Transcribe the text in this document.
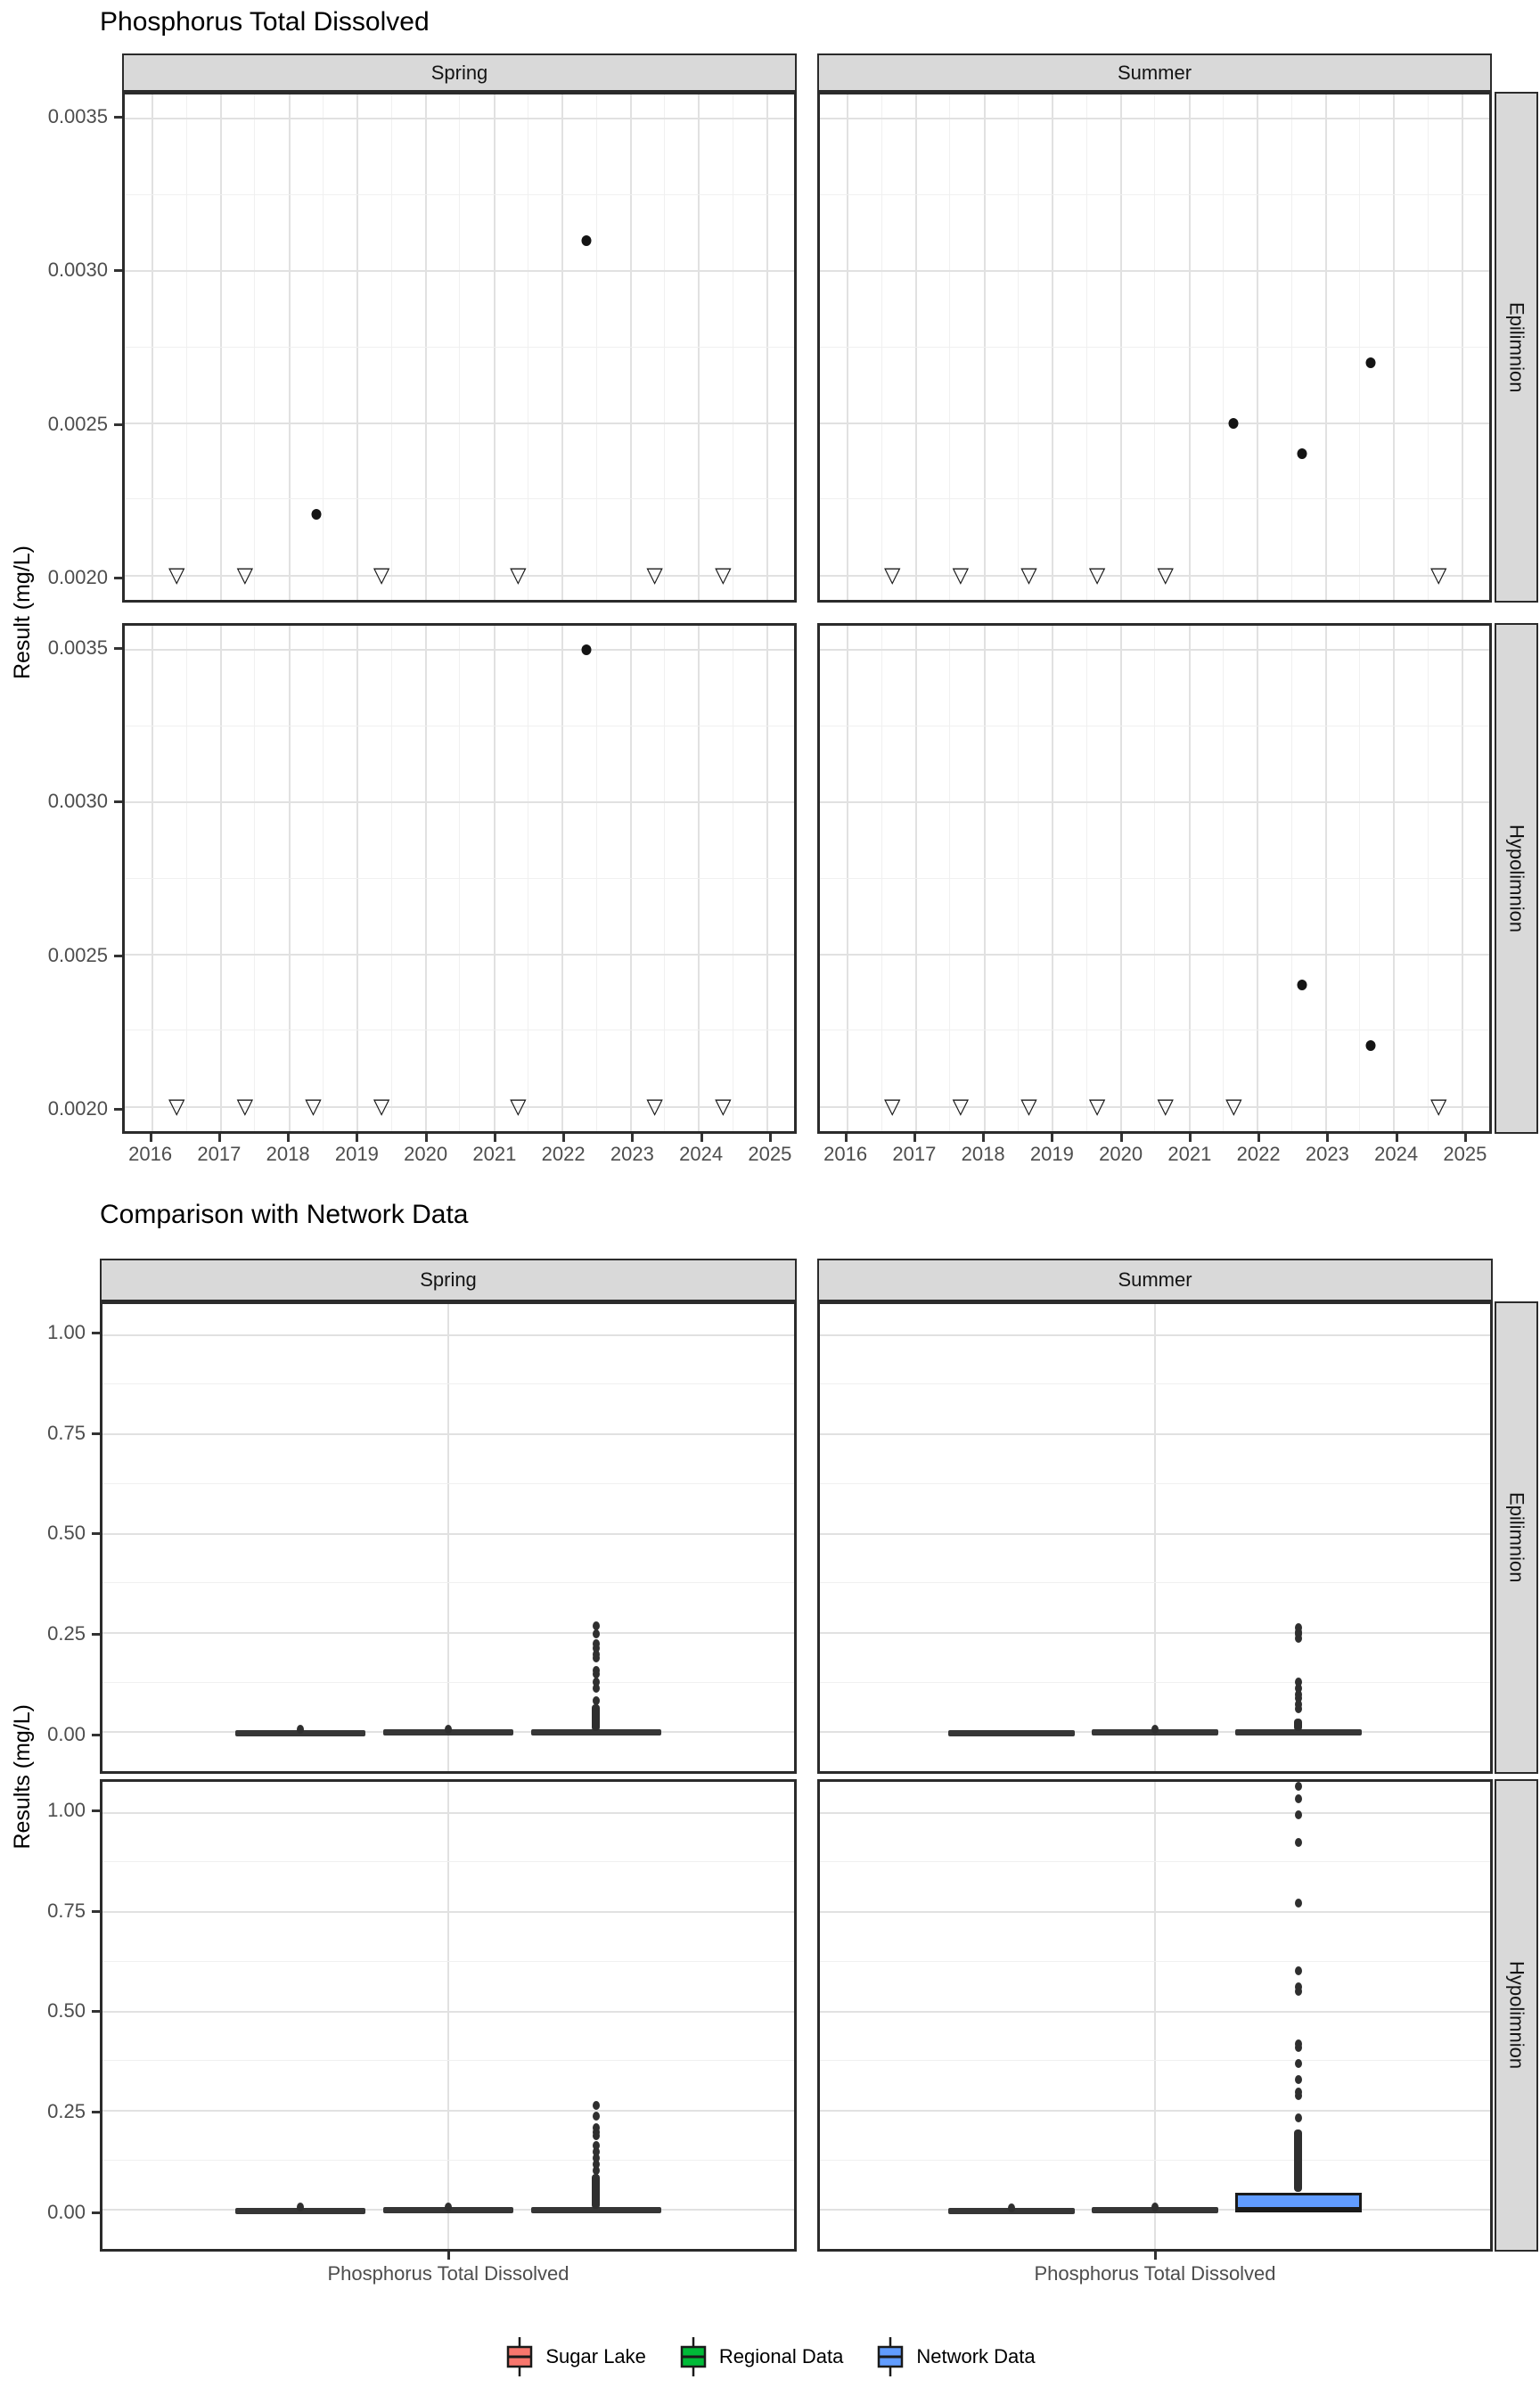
Phosphorus Total Dissolved
Comparison with Network Data
Result (mg/L)
Results (mg/L)
Spring	Summer
Epilimnion
Hypolimnion
▽ ▽	▽	▽	▽ ▽	▽ ▽ ▽ ▽ ▽	▽
▽ ▽ ▽ ▽	▽	▽ ▽	▽ ▽ ▽ ▽ ▽ ▽	▽
0.0020
0.0025
0.0030
0.0035
0.0020
0.0025
0.0030
0.0035
2016	2017	2018	2019	2020	2021	2022	2023	2024	2025	2016	2017	2018	2019	2020	2021	2022	2023	2024	2025
Spring	Summer
Epilimnion
Hypolimnion
0.00
0.25
0.50
0.75
1.00
0.00
0.25
0.50
0.75
1.00
Phosphorus Total Dissolved	Phosphorus Total Dissolved
Sugar Lake	Regional Data	Network Data
